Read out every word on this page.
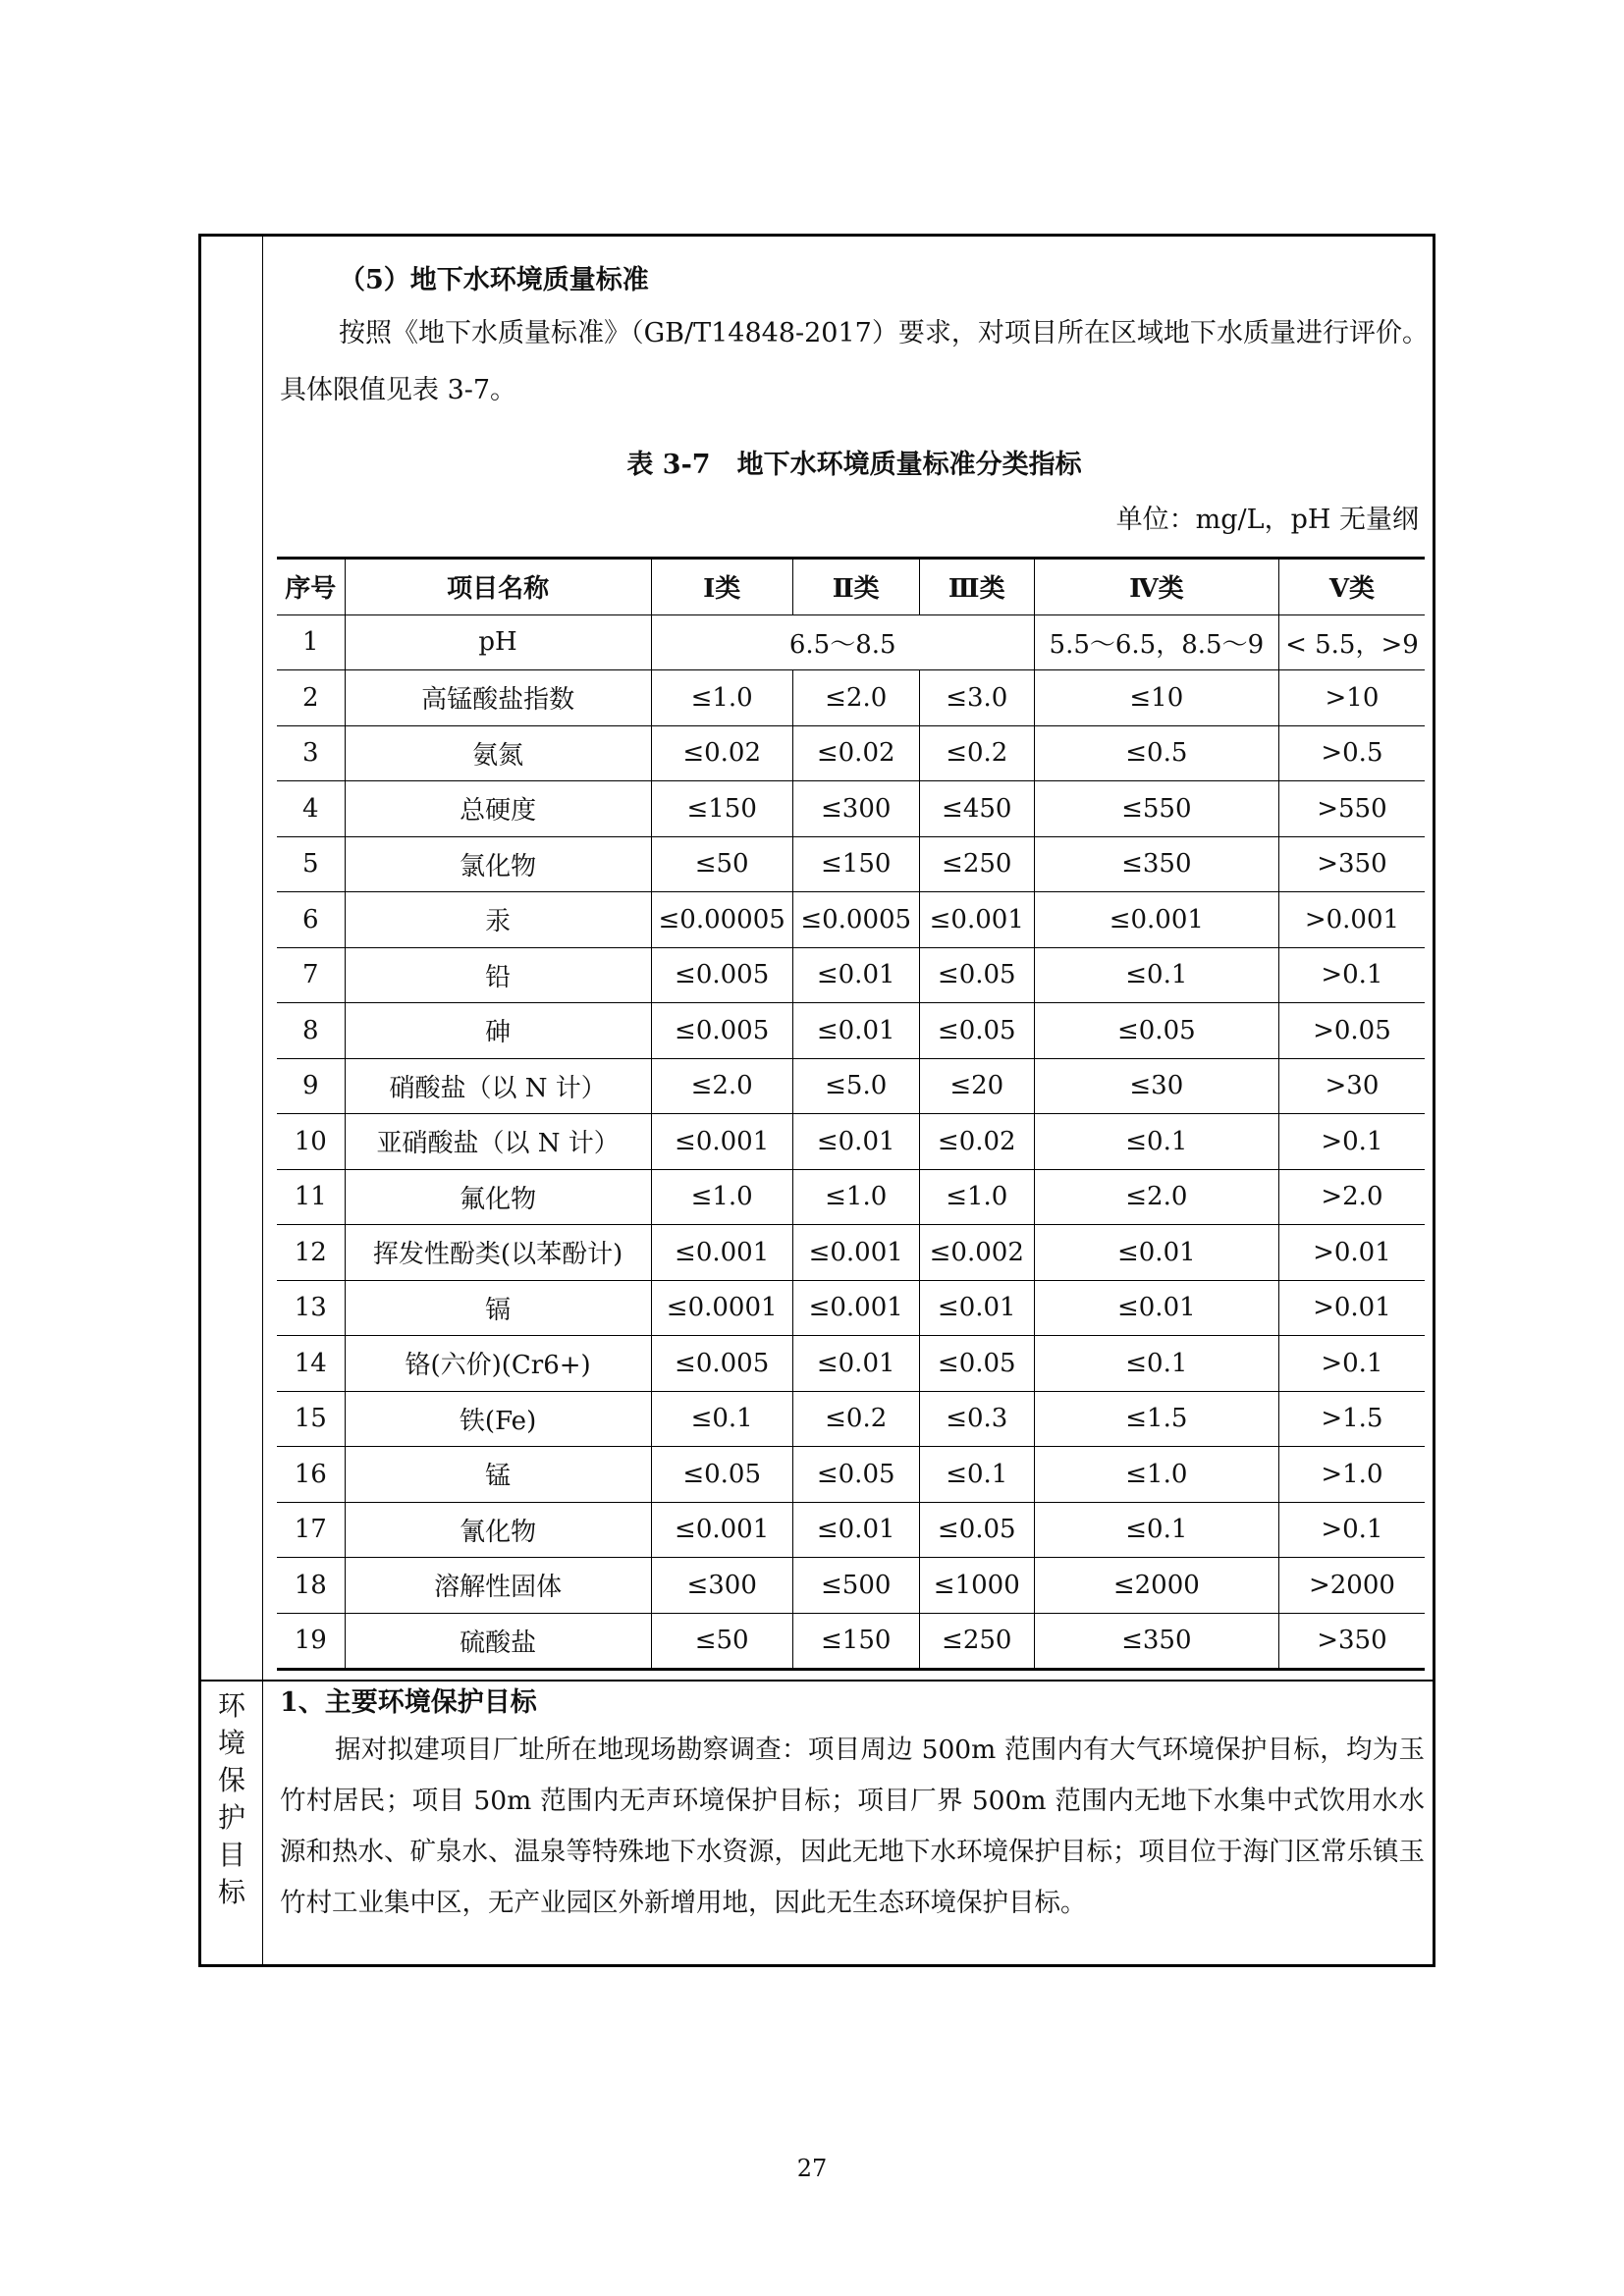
（5）地下水环境质量标准
按照《地下水质量标准》（GB/T14848-2017）要求，对项目所在区域地下水质量进行评价。具体限值见表 3-7。
表 3-7　地下水环境质量标准分类指标
单位：mg/L，pH 无量纲
序号	项目名称	Ⅰ类	Ⅱ类	Ⅲ类	Ⅳ类	Ⅴ类
1	pH	6.5～8.5			5.5～6.5，8.5～9	< 5.5，>9
2	高锰酸盐指数	≤1.0	≤2.0	≤3.0	≤10	>10
3	氨氮	≤0.02	≤0.02	≤0.2	≤0.5	>0.5
4	总硬度	≤150	≤300	≤450	≤550	>550
5	氯化物	≤50	≤150	≤250	≤350	>350
6	汞	≤0.00005	≤0.0005	≤0.001	≤0.001	>0.001
7	铅	≤0.005	≤0.01	≤0.05	≤0.1	>0.1
8	砷	≤0.005	≤0.01	≤0.05	≤0.05	>0.05
9	硝酸盐（以 N 计）	≤2.0	≤5.0	≤20	≤30	>30
10	亚硝酸盐（以 N 计）	≤0.001	≤0.01	≤0.02	≤0.1	>0.1
11	氟化物	≤1.0	≤1.0	≤1.0	≤2.0	>2.0
12	挥发性酚类(以苯酚计)	≤0.001	≤0.001	≤0.002	≤0.01	>0.01
13	镉	≤0.0001	≤0.001	≤0.01	≤0.01	>0.01
14	铬(六价)(Cr6+)	≤0.005	≤0.01	≤0.05	≤0.1	>0.1
15	铁(Fe)	≤0.1	≤0.2	≤0.3	≤1.5	>1.5
16	锰	≤0.05	≤0.05	≤0.1	≤1.0	>1.0
17	氰化物	≤0.001	≤0.01	≤0.05	≤0.1	>0.1
18	溶解性固体	≤300	≤500	≤1000	≤2000	>2000
19	硫酸盐	≤50	≤150	≤250	≤350	>350
环
境
保
护
目
标
1、主要环境保护目标
据对拟建项目厂址所在地现场勘察调查：项目周边 500m 范围内有大气环境保护目标，均为玉竹村居民；项目 50m 范围内无声环境保护目标；项目厂界 500m 范围内无地下水集中式饮用水水源和热水、矿泉水、温泉等特殊地下水资源，因此无地下水环境保护目标；项目位于海门区常乐镇玉竹村工业集中区，无产业园区外新增用地，因此无生态环境保护目标。
27
